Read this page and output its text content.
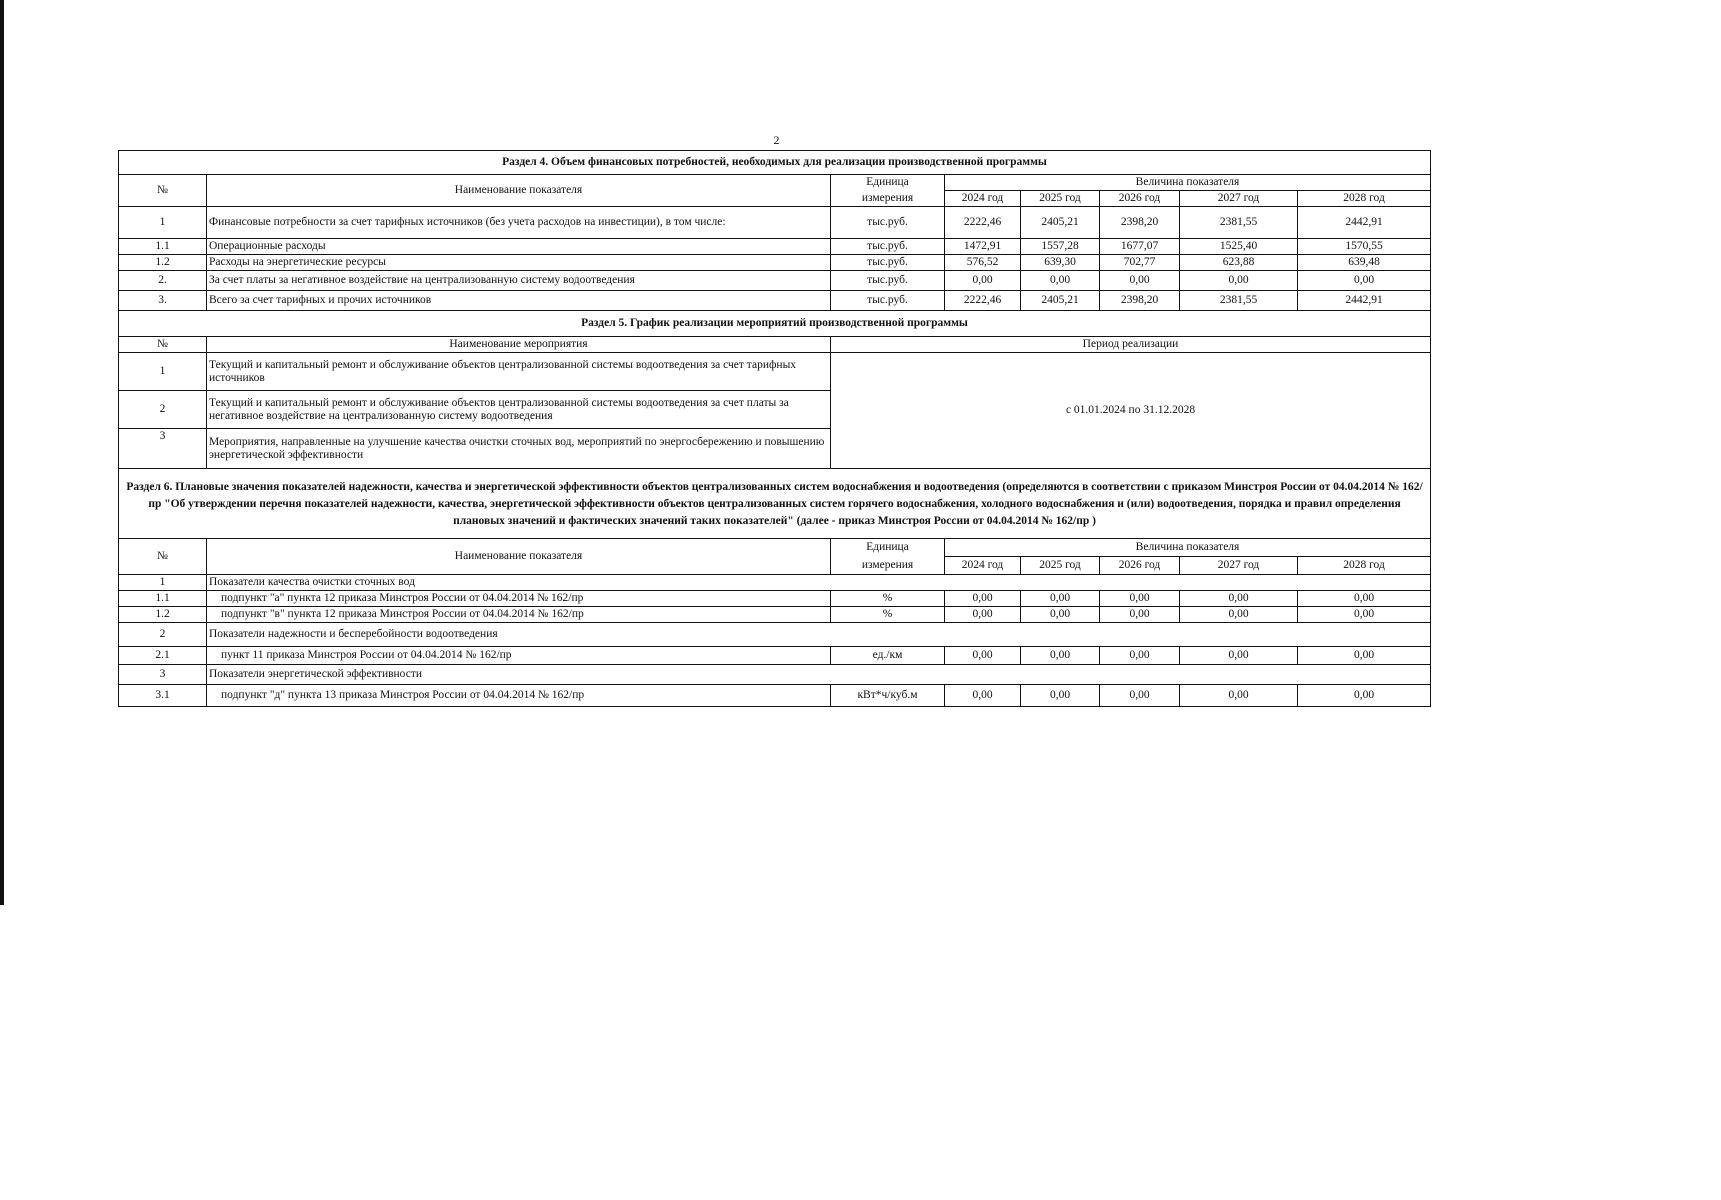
2
Раздел 4. Объем финансовых потребностей, необходимых для реализации производственной программы							
№	Наименование показателя	Единица	Величина показателя				
		измерения	2024 год	2025 год	2026 год	2027 год	2028 год
1	Финансовые потребности за счет тарифных источников (без учета расходов на инвестиции), в том числе:	тыс.руб.	2222,46	2405,21	2398,20	2381,55	2442,91
1.1	Операционные расходы	тыс.руб.	1472,91	1557,28	1677,07	1525,40	1570,55
1.2	Расходы на энергетические ресурсы	тыс.руб.	576,52	639,30	702,77	623,88	639,48
2.	За счет платы за негативное воздействие на централизованную систему водоотведения	тыс.руб.	0,00	0,00	0,00	0,00	0,00
3.	Всего за счет тарифных и прочих источников	тыс.руб.	2222,46	2405,21	2398,20	2381,55	2442,91
Раздел 5. График реализации мероприятий производственной программы							
№	Наименование мероприятия	Период реализации					
1	Текущий и капитальный ремонт и обслуживание объектов централизованной системы водоотведения за счет тарифных источников	с 01.01.2024 по 31.12.2028					
2	Текущий и капитальный ремонт и обслуживание объектов централизованной системы водоотведения за счет платы за негативное воздействие на централизованную систему водоотведения						
3	Мероприятия, направленные на улучшение качества очистки сточных вод, мероприятий по энергосбережению и повышению энергетической эффективности						
Раздел 6. Плановые значения показателей надежности, качества и энергетической эффективности объектов централизованных систем водоснабжения и водоотведения (определяются в соответствии с приказом Минстроя России от 04.04.2014 № 162/пр "Об утверждении перечня показателей надежности, качества, энергетической эффективности объектов централизованных систем горячего водоснабжения, холодного водоснабжения и (или) водоотведения, порядка и правил определения плановых значений и фактических значений таких показателей" (далее - приказ Минстроя России от 04.04.2014 № 162/пр )							
№	Наименование показателя	Единица	Величина показателя				
		измерения	2024 год	2025 год	2026 год	2027 год	2028 год
1	Показатели качества очистки сточных вод						
1.1	подпункт "а" пункта 12 приказа Минстроя России от 04.04.2014 № 162/пр	%	0,00	0,00	0,00	0,00	0,00
1.2	подпункт "в" пункта 12 приказа Минстроя России от 04.04.2014 № 162/пр	%	0,00	0,00	0,00	0,00	0,00
2	Показатели надежности и бесперебойности водоотведения						
2.1	пункт 11 приказа Минстроя России от 04.04.2014 № 162/пр	ед./км	0,00	0,00	0,00	0,00	0,00
3	Показатели энергетической эффективности						
3.1	подпункт "д" пункта 13 приказа Минстроя России от 04.04.2014 № 162/пр	кВт*ч/куб.м	0,00	0,00	0,00	0,00	0,00
